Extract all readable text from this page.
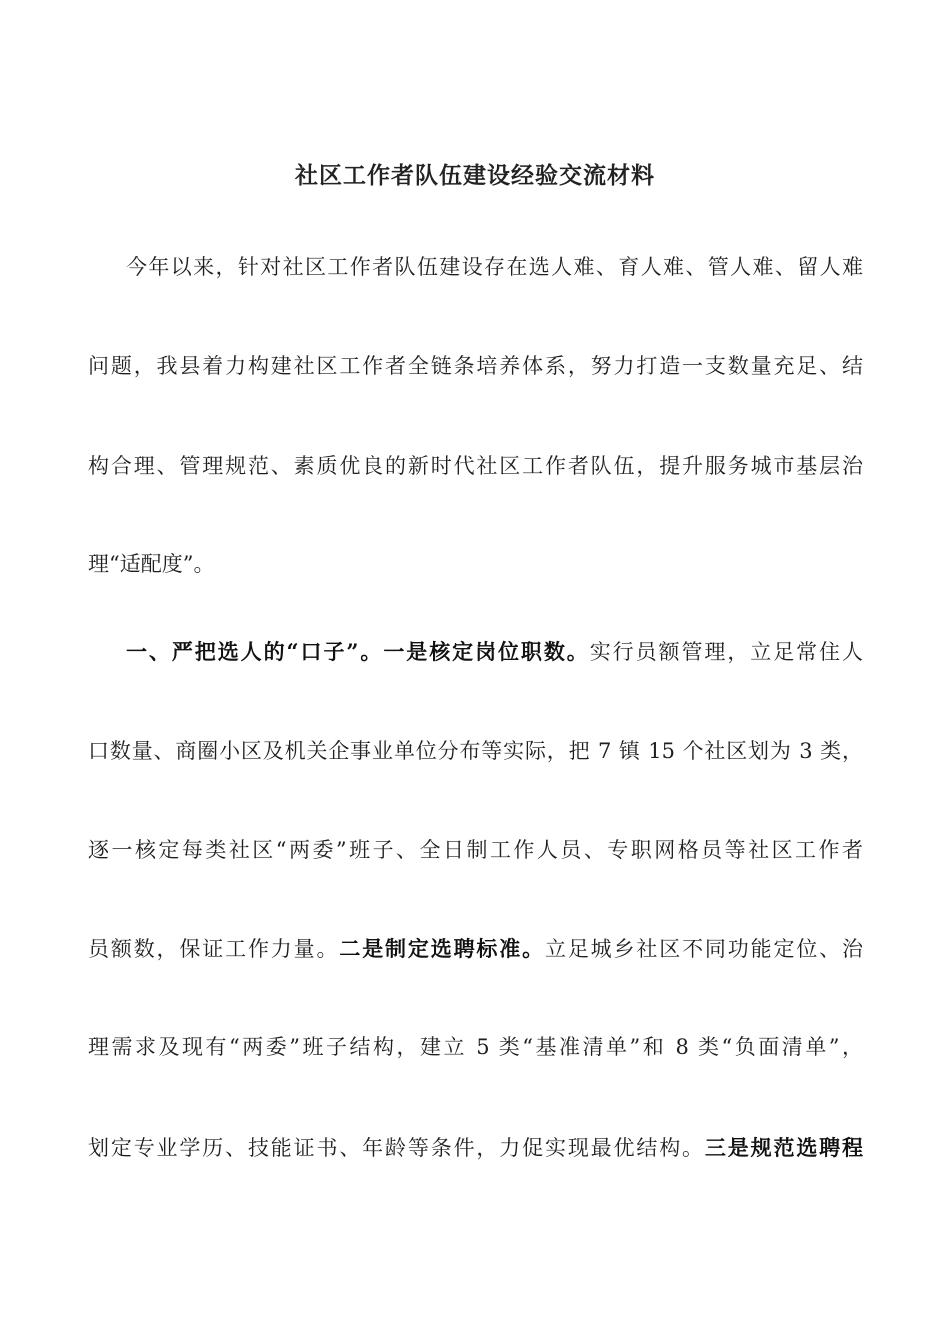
社区工作者队伍建设经验交流材料
今年以来，针对社区工作者队伍建设存在选人难、育人难、管人难、留人难
问题，我县着力构建社区工作者全链条培养体系，努力打造一支数量充足、结
构合理、管理规范、素质优良的新时代社区工作者队伍，提升服务城市基层治
理“适配度”。
一、严把选人的“口子”。一是核定岗位职数。实行员额管理，立足常住人
口数量、商圈小区及机关企事业单位分布等实际，把 7 镇 15 个社区划为 3 类，
逐一核定每类社区“两委”班子、全日制工作人员、专职网格员等社区工作者
员额数，保证工作力量。二是制定选聘标准。立足城乡社区不同功能定位、治
理需求及现有“两委”班子结构，建立 5 类“基准清单”和 8 类“负面清单”，
划定专业学历、技能证书、年龄等条件，力促实现最优结构。三是规范选聘程
